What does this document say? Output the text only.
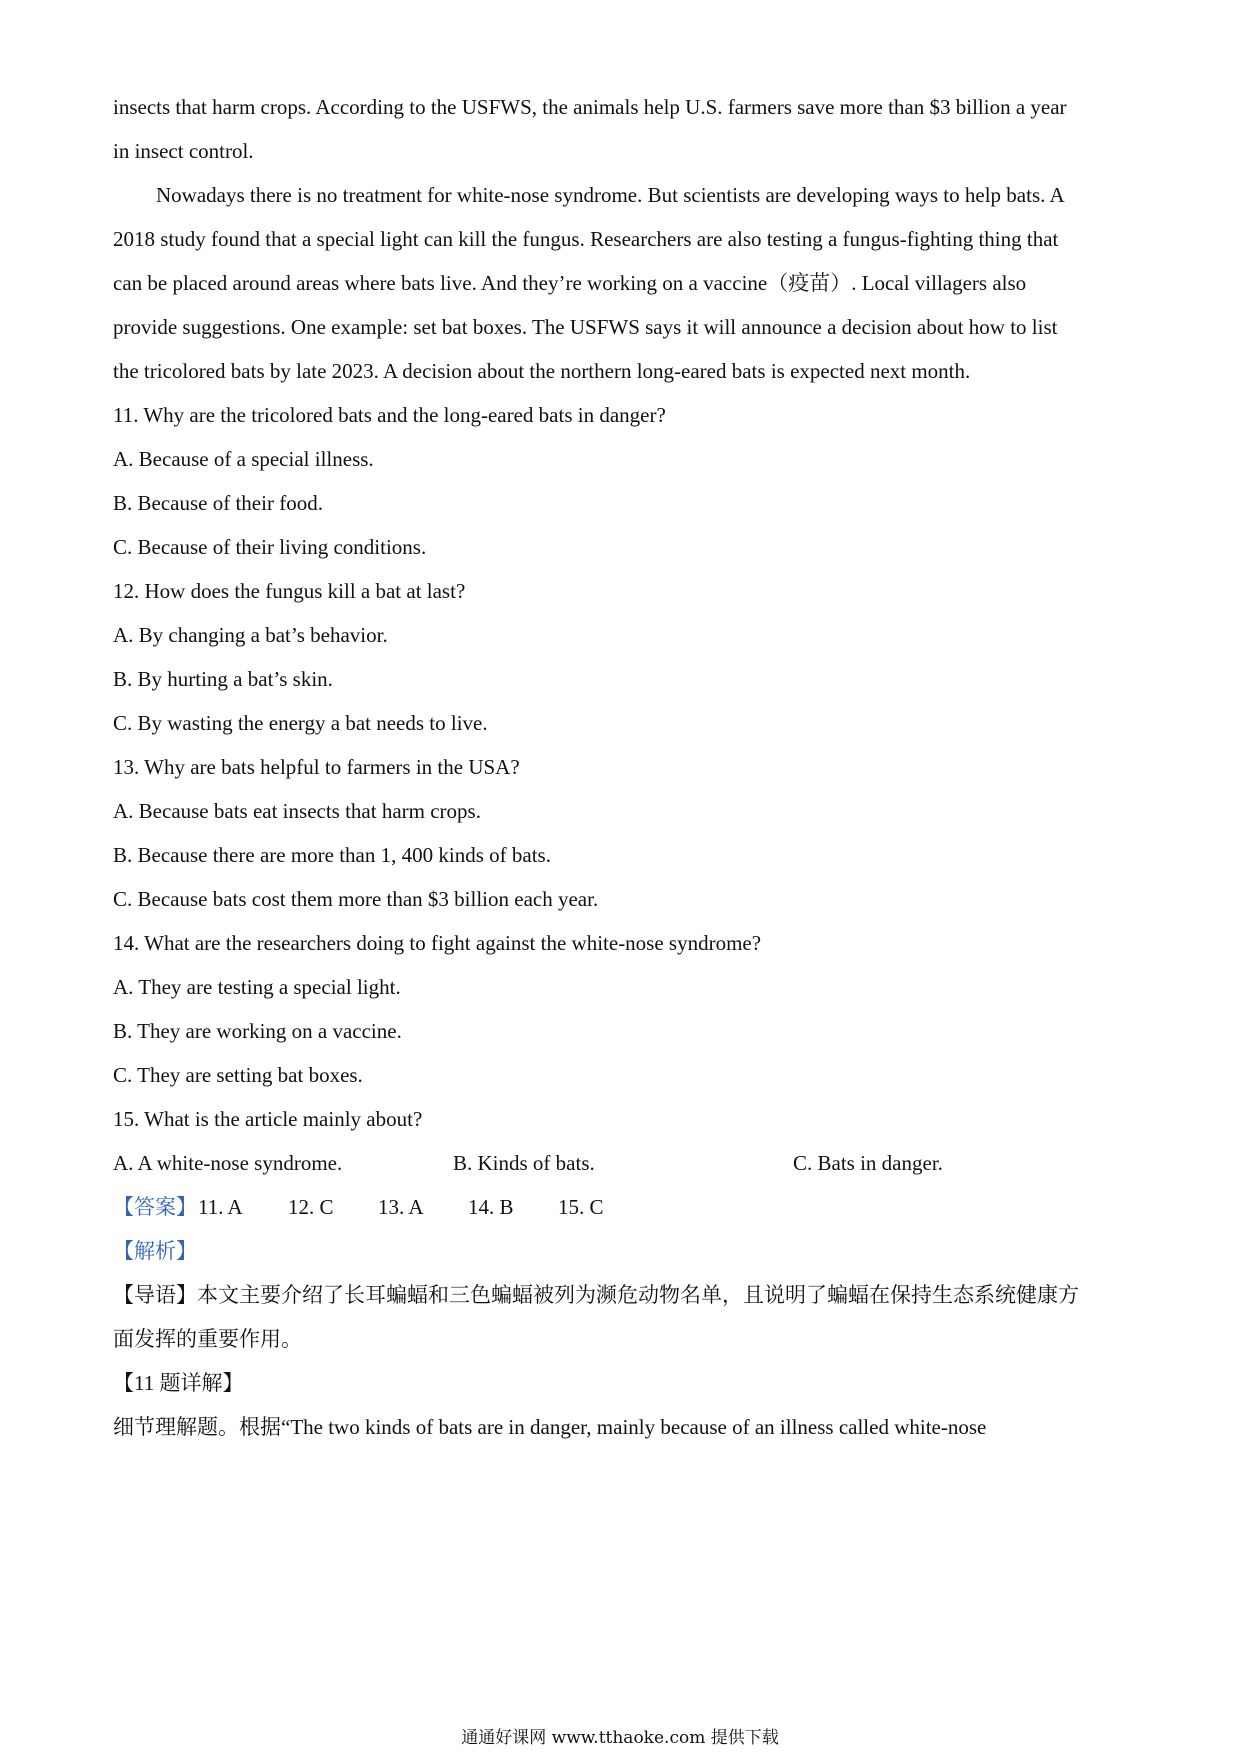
insects that harm crops. According to the USFWS, the animals help U.S. farmers save more than $3 billion a year
in insect control.
Nowadays there is no treatment for white-nose syndrome. But scientists are developing ways to help bats. A
2018 study found that a special light can kill the fungus. Researchers are also testing a fungus-fighting thing that
can be placed around areas where bats live. And they’re working on a vaccine（疫苗）. Local villagers also
provide suggestions. One example: set bat boxes. The USFWS says it will announce a decision about how to list
the tricolored bats by late 2023. A decision about the northern long-eared bats is expected next month.
11. Why are the tricolored bats and the long-eared bats in danger?
A. Because of a special illness.
B. Because of their food.
C. Because of their living conditions.
12. How does the fungus kill a bat at last?
A. By changing a bat’s behavior.
B. By hurting a bat’s skin.
C. By wasting the energy a bat needs to live.
13. Why are bats helpful to farmers in the USA?
A. Because bats eat insects that harm crops.
B. Because there are more than 1, 400 kinds of bats.
C. Because bats cost them more than $3 billion each year.
14. What are the researchers doing to fight against the white-nose syndrome?
A. They are testing a special light.
B. They are working on a vaccine.
C. They are setting bat boxes.
15. What is the article mainly about?
A. A white-nose syndrome.	B. Kinds of bats.	C. Bats in danger.
【答案】 11. A 12. C 13. A 14. B 15. C
【解析】
【导语】本文主要介绍了长耳蝙蝠和三色蝙蝠被列为濒危动物名单，且说明了蝙蝠在保持生态系统健康方
面发挥的重要作用。
【11 题详解】
细节理解题。根据“The two kinds of bats are in danger, mainly because of an illness called white-nose
通通好课网 www.tthaoke.com 提供下载
